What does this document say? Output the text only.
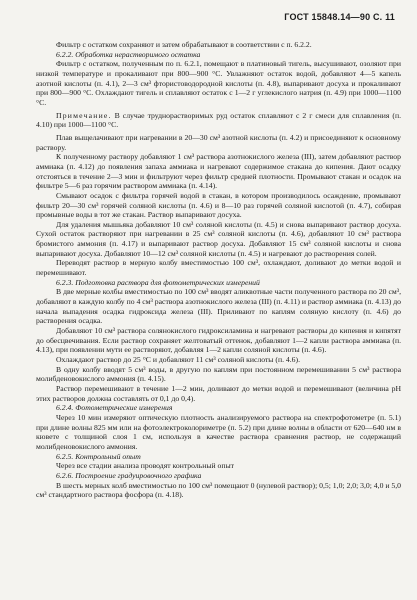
ГОСТ 15848.14—90 С. 11

Фильтр с остатком сохраняют и затем обрабатывают в соответствии с п. 6.2.2.

6.2.2. Обработка нерастворимого остатка

Фильтр с остатком, полученным по п. 6.2.1, помещают в платиновый тигель, высушивают, озоляют при низкой температуре и прокаливают при 800—900 °С. Увлажняют остаток водой, добавляют 4—5 капель азотной кислоты (п. 4.1), 2—3 см³ фтористоводородной кислоты (п. 4.8), выпаривают досуха и прокаливают при 800—900 °С. Охлаждают тигель и сплавляют остаток с 1—2 г углекислого натрия (п. 4.9) при 1000—1100 °С.

Примечание. В случае труднорастворимых руд остаток сплавляют с 2 г смеси для сплавления (п. 4.10) при 1000—1100 °С.

Плав выщелачивают при нагревании в 20—30 см³ азотной кислоты (п. 4.2) и присоединяют к основному раствору.

К полученному раствору добавляют 1 см³ раствора азотнокислого железа (III), затем добавляют раствор аммиака (п. 4.12) до появления запаха аммиака и нагревают содержимое стакана до кипения. Дают осадку отстояться в течение 2—3 мин и фильтруют через фильтр средней плотности. Промывают стакан и осадок на фильтре 5—6 раз горячим раствором аммиака (п. 4.14).

Смывают осадок с фильтра горячей водой в стакан, в котором производилось осаждение, промывают фильтр 20—30 см³ горячей соляной кислоты (п. 4.6) и 8—10 раз горячей соляной кислотой (п. 4.7), собирая промывные воды в тот же стакан. Раствор выпаривают досуха.

Для удаления мышьяка добавляют 10 см³ соляной кислоты (п. 4.5) и снова выпаривают раствор досуха. Сухой остаток растворяют при нагревании в 25 см³ соляной кислоты (п. 4.6), добавляют 10 см³ раствора бромистого аммония (п. 4.17) и выпаривают раствор досуха. Добавляют 15 см³ соляной кислоты и снова выпаривают досуха. Добавляют 10—12 см³ соляной кислоты (п. 4.5) и нагревают до растворения солей.

Переводят раствор в мерную колбу вместимостью 100 см³, охлаждают, доливают до метки водой и перемешивают.

6.2.3. Подготовка раствора для фотометрических измерений

В две мерные колбы вместимостью по 100 см³ вводят аликвотные части полученного раствора по 20 см³, добавляют в каждую колбу по 4 см³ раствора азотнокислого железа (III) (п. 4.11) и раствор аммиака (п. 4.13) до начала выпадения осадка гидроксида железа (III). Приливают по каплям соляную кислоту (п. 4.6) до растворения осадка.

Добавляют 10 см³ раствора солянокислого гидроксиламина и нагревают растворы до кипения и кипятят до обесцвечивания. Если раствор сохраняет желтоватый оттенок, добавляют 1—2 капли раствора аммиака (п. 4.13), при появлении мути ее растворяют, добавляя 1—2 капли соляной кислоты (п. 4.6).

Охлаждают раствор до 25 °С и добавляют 11 см³ соляной кислоты (п. 4.6).

В одну колбу вводят 5 см³ воды, в другую по каплям при постоянном перемешивании 5 см³ раствора молибденовокислого аммония (п. 4.15).

Раствор перемешивают в течение 1—2 мин, доливают до метки водой и перемешивают (величина pH этих растворов должна составлять от 0,1 до 0,4).

6.2.4. Фотометрические измерения

Через 10 мин измеряют оптическую плотность анализируемого раствора на спектрофотометре (п. 5.1) при длине волны 825 мм или на фотоэлектроколориметре (п. 5.2) при длине волны в области от 620—640 нм в кювете с толщиной слоя 1 см, используя в качестве раствора сравнения раствор, не содержащий молибденовокислого аммония.

6.2.5. Контрольный опыт

Через все стадии анализа проводят контрольный опыт

6.2.6. Построение градуировочного графика

В шесть мерных колб вместимостью по 100 см³ помещают 0 (нулевой раствор); 0,5; 1,0; 2,0; 3,0; 4,0 и 5,0 см³ стандартного раствора фосфора (п. 4.18).
